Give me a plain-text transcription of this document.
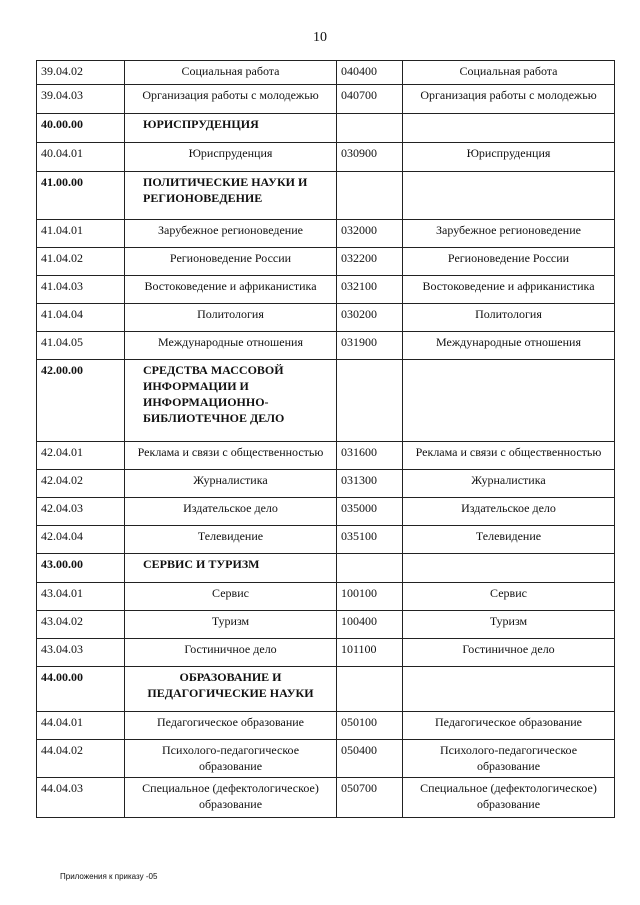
10
39.04.02	Социальная работа	040400	Социальная работа
39.04.03	Организация работы с молодежью	040700	Организация работы с молодежью
40.00.00	ЮРИСПРУДЕНЦИЯ		
40.04.01	Юриспруденция	030900	Юриспруденция
41.00.00	ПОЛИТИЧЕСКИЕ НАУКИ И РЕГИОНОВЕДЕНИЕ		
41.04.01	Зарубежное регионоведение	032000	Зарубежное регионоведение
41.04.02	Регионоведение России	032200	Регионоведение России
41.04.03	Востоковедение и африканистика	032100	Востоковедение и африканистика
41.04.04	Политология	030200	Политология
41.04.05	Международные отношения	031900	Международные отношения
42.00.00	СРЕДСТВА МАССОВОЙ ИНФОРМАЦИИ И ИНФОРМАЦИОННО-БИБЛИОТЕЧНОЕ ДЕЛО		
42.04.01	Реклама и связи с общественностью	031600	Реклама и связи с общественностью
42.04.02	Журналистика	031300	Журналистика
42.04.03	Издательское дело	035000	Издательское дело
42.04.04	Телевидение	035100	Телевидение
43.00.00	СЕРВИС И ТУРИЗМ		
43.04.01	Сервис	100100	Сервис
43.04.02	Туризм	100400	Туризм
43.04.03	Гостиничное дело	101100	Гостиничное дело
44.00.00	ОБРАЗОВАНИЕ И ПЕДАГОГИЧЕСКИЕ НАУКИ		
44.04.01	Педагогическое образование	050100	Педагогическое образование
44.04.02	Психолого-педагогическое образование	050400	Психолого-педагогическое образование
44.04.03	Специальное (дефектологическое) образование	050700	Специальное (дефектологическое) образование
Приложения к приказу -05
